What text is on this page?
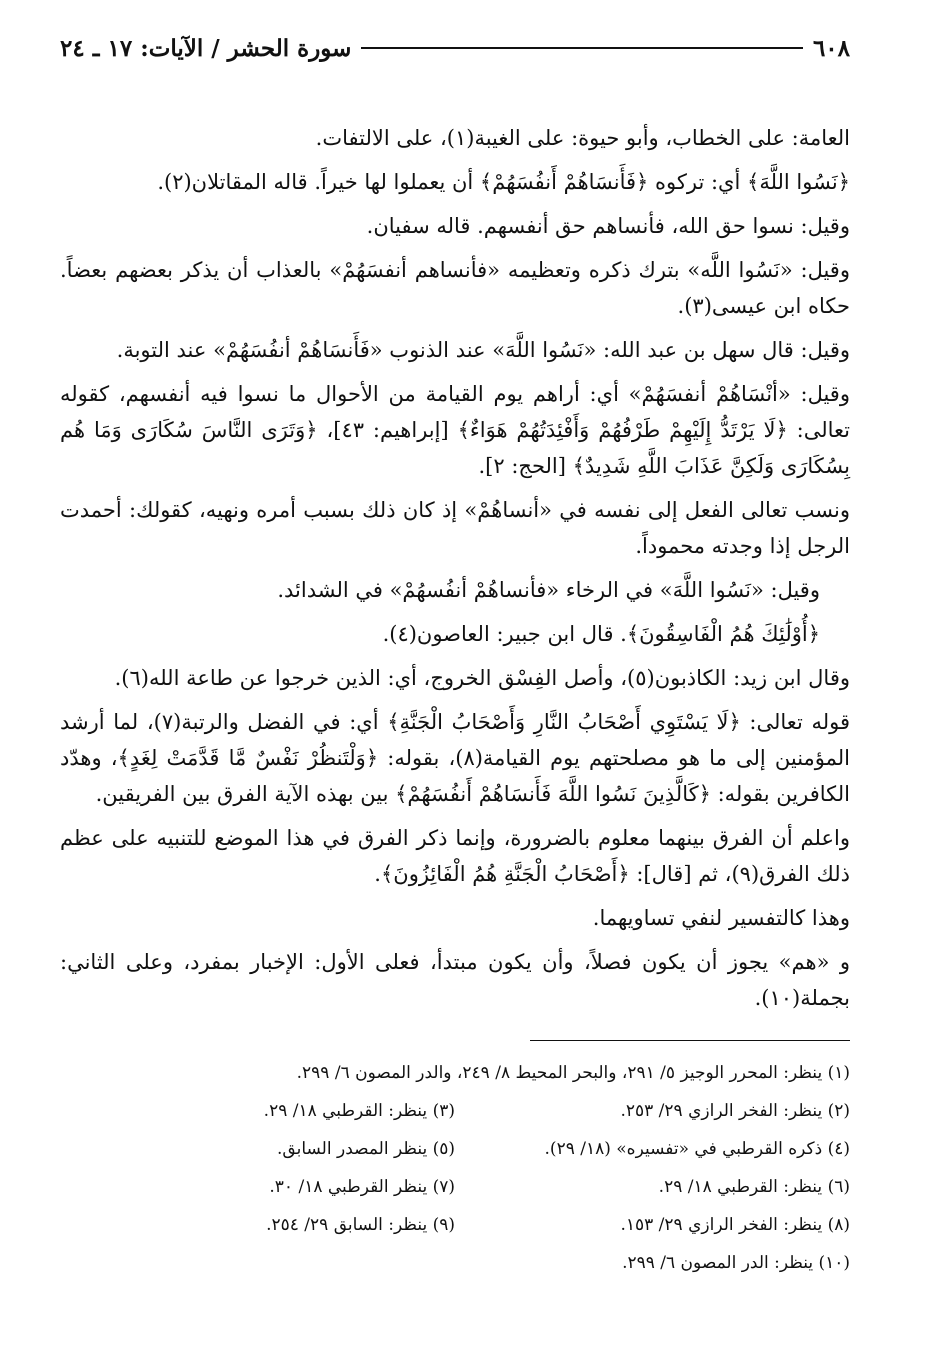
٦٠٨
سورة الحشر / الآيات: ١٧ ـ ٢٤

العامة: على الخطاب، وأبو حيوة: على الغيبة(١)، على الالتفات.

﴿نَسُوا اللَّهَ﴾ أي: تركوه ﴿فَأَنسَاهُمْ أَنفُسَهُمْ﴾ أن يعملوا لها خيراً. قاله المقاتلان(٢).

وقيل: نسوا حق الله، فأنساهم حق أنفسهم. قاله سفيان.

وقيل: «نَسُوا اللَّه» بترك ذكره وتعظيمه «فأنساهم أنفسَهُمْ» بالعذاب أن يذكر بعضهم بعضاً. حكاه ابن عيسى(٣).

وقيل: قال سهل بن عبد الله: «نَسُوا اللَّهَ» عند الذنوب «فَأَنسَاهُمْ أنفُسَهُمْ» عند التوبة.

وقيل: «أنْسَاهُمْ أنفسَهُمْ» أي: أراهم يوم القيامة من الأحوال ما نسوا فيه أنفسهم، كقوله تعالى: ﴿لَا يَرْتَدُّ إِلَيْهِمْ طَرْفُهُمْ وَأَفْئِدَتُهُمْ هَوَاءٌ﴾ [إبراهيم: ٤٣]، ﴿وَتَرَى النَّاسَ سُكَارَى وَمَا هُم بِسُكَارَى وَلَكِنَّ عَذَابَ اللَّهِ شَدِيدٌ﴾ [الحج: ٢].

ونسب تعالى الفعل إلى نفسه في «أنساهُمْ» إذ كان ذلك بسبب أمره ونهيه، كقولك: أحمدت الرجل إذا وجدته محموداً.

وقيل: «نَسُوا اللَّهَ» في الرخاء «فأنساهُمْ أنفُسهُمْ» في الشدائد.

﴿أُوْلَٰئِكَ هُمُ الْفَاسِقُونَ﴾. قال ابن جبير: العاصون(٤).

وقال ابن زيد: الكاذبون(٥)، وأصل الفِسْق الخروج، أي: الذين خرجوا عن طاعة الله(٦).

قوله تعالى: ﴿لَا يَسْتَوِي أَصْحَابُ النَّارِ وَأَصْحَابُ الْجَنَّةِ﴾ أي: في الفضل والرتبة(٧)، لما أرشد المؤمنين إلى ما هو مصلحتهم يوم القيامة(٨)، بقوله: ﴿وَلْتَنظُرْ نَفْسٌ مَّا قَدَّمَتْ لِغَدٍ﴾، وهدّد الكافرين بقوله: ﴿كَالَّذِينَ نَسُوا اللَّهَ فَأَنسَاهُمْ أَنفُسَهُمْ﴾ بين بهذه الآية الفرق بين الفريقين.

واعلم أن الفرق بينهما معلوم بالضرورة، وإنما ذكر الفرق في هذا الموضع للتنبيه على عظم ذلك الفرق(٩)، ثم [قال]: ﴿أَصْحَابُ الْجَنَّةِ هُمُ الْفَائِزُونَ﴾.

وهذا كالتفسير لنفي تساويهما.

و «هم» يجوز أن يكون فصلاً، وأن يكون مبتدأ، فعلى الأول: الإخبار بمفرد، وعلى الثاني: بجملة(١٠).

(١) ينظر: المحرر الوجيز ٥/ ٢٩١، والبحر المحيط ٨/ ٢٤٩، والدر المصون ٦/ ٢٩٩.
(٢) ينظر: الفخر الرازي ٢٩/ ٢٥٣.
(٣) ينظر: القرطبي ١٨/ ٢٩.
(٤) ذكره القرطبي في «تفسيره» (١٨/ ٢٩).
(٥) ينظر المصدر السابق.
(٦) ينظر: القرطبي ١٨/ ٢٩.
(٧) ينظر القرطبي ١٨/ ٣٠.
(٨) ينظر: الفخر الرازي ٢٩/ ١٥٣.
(٩) ينظر: السابق ٢٩/ ٢٥٤.
(١٠) ينظر: الدر المصون ٦/ ٢٩٩.
